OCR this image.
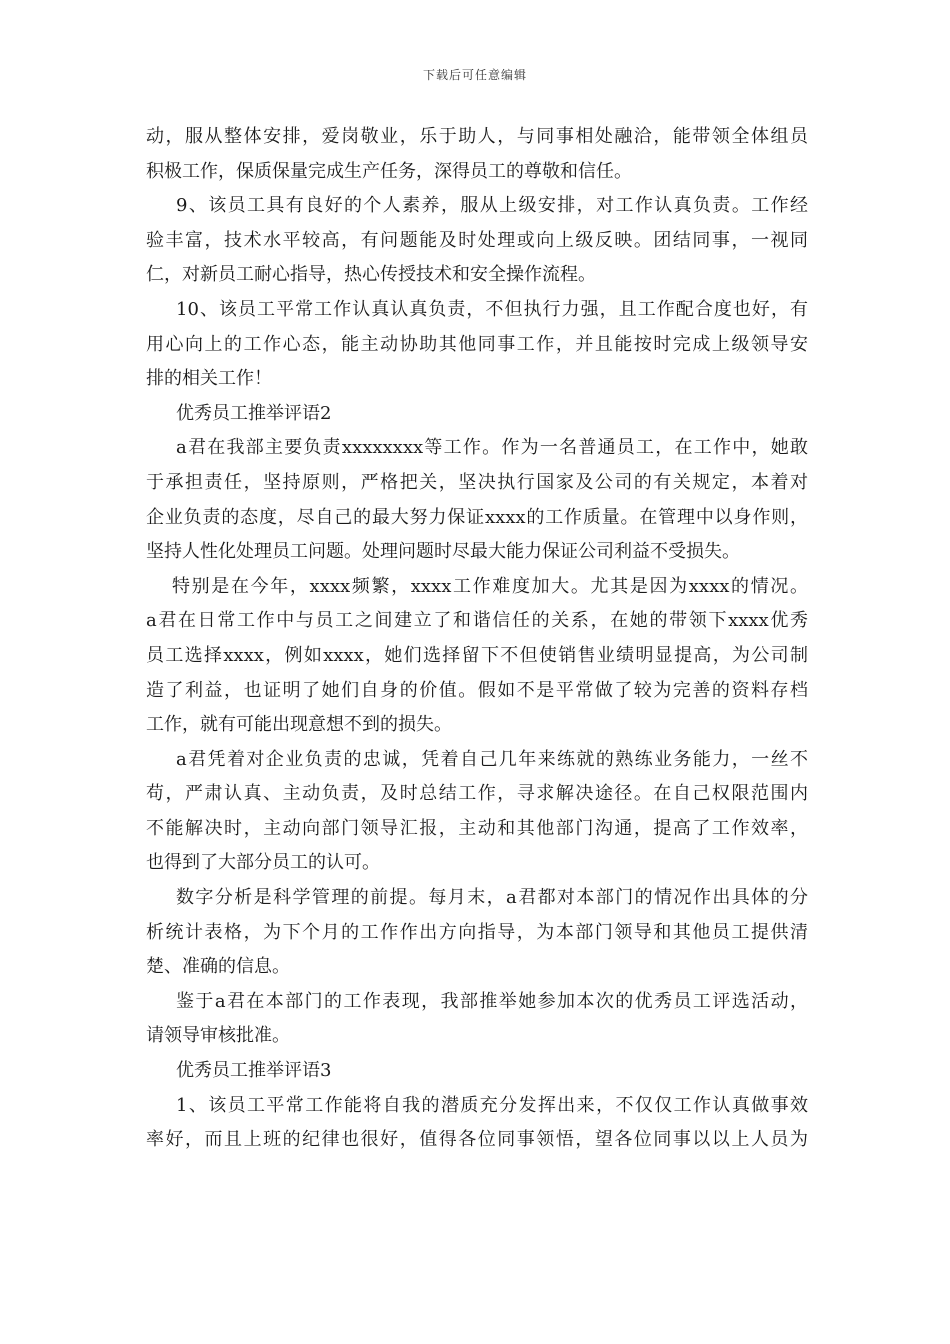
下载后可任意编辑
动，服从整体安排，爱岗敬业，乐于助人，与同事相处融洽，能带领全体组员
积极工作，保质保量完成生产任务，深得员工的尊敬和信任。
9、该员工具有良好的个人素养，服从上级安排，对工作认真负责。工作经
验丰富，技术水平较高，有问题能及时处理或向上级反映。团结同事，一视同
仁，对新员工耐心指导，热心传授技术和安全操作流程。
10、该员工平常工作认真认真负责，不但执行力强，且工作配合度也好，有
用心向上的工作心态，能主动协助其他同事工作，并且能按时完成上级领导安
排的相关工作！
优秀员工推举评语2
a君在我部主要负责xxxxxxxx等工作。作为一名普通员工，在工作中，她敢
于承担责任，坚持原则，严格把关，坚决执行国家及公司的有关规定，本着对
企业负责的态度，尽自己的最大努力保证xxxx的工作质量。在管理中以身作则，
坚持人性化处理员工问题。处理问题时尽最大能力保证公司利益不受损失。
特别是在今年，xxxx频繁，xxxx工作难度加大。尤其是因为xxxx的情况。
a君在日常工作中与员工之间建立了和谐信任的关系，在她的带领下xxxx优秀
员工选择xxxx，例如xxxx，她们选择留下不但使销售业绩明显提高，为公司制
造了利益，也证明了她们自身的价值。假如不是平常做了较为完善的资料存档
工作，就有可能出现意想不到的损失。
a君凭着对企业负责的忠诚，凭着自己几年来练就的熟练业务能力，一丝不
苟，严肃认真、主动负责，及时总结工作，寻求解决途径。在自己权限范围内
不能解决时，主动向部门领导汇报，主动和其他部门沟通，提高了工作效率，
也得到了大部分员工的认可。
数字分析是科学管理的前提。每月末，a君都对本部门的情况作出具体的分
析统计表格，为下个月的工作作出方向指导，为本部门领导和其他员工提供清
楚、准确的信息。
鉴于a君在本部门的工作表现，我部推举她参加本次的优秀员工评选活动，
请领导审核批准。
优秀员工推举评语3
1、该员工平常工作能将自我的潜质充分发挥出来，不仅仅工作认真做事效
率好，而且上班的纪律也很好，值得各位同事领悟，望各位同事以以上人员为
